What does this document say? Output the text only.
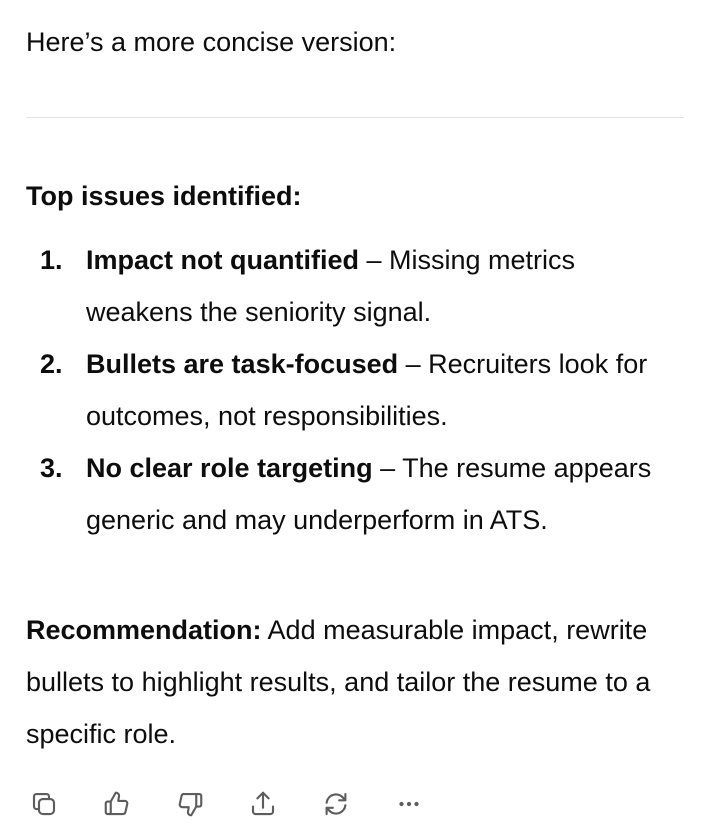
Here’s a more concise version:
Top issues identified:
1. Impact not quantified – Missing metrics weakens the seniority signal.
2. Bullets are task-focused – Recruiters look for outcomes, not responsibilities.
3. No clear role targeting – The resume appears generic and may underperform in ATS.

Recommendation: Add measurable impact, rewrite bullets to highlight results, and tailor the resume to a specific role.
